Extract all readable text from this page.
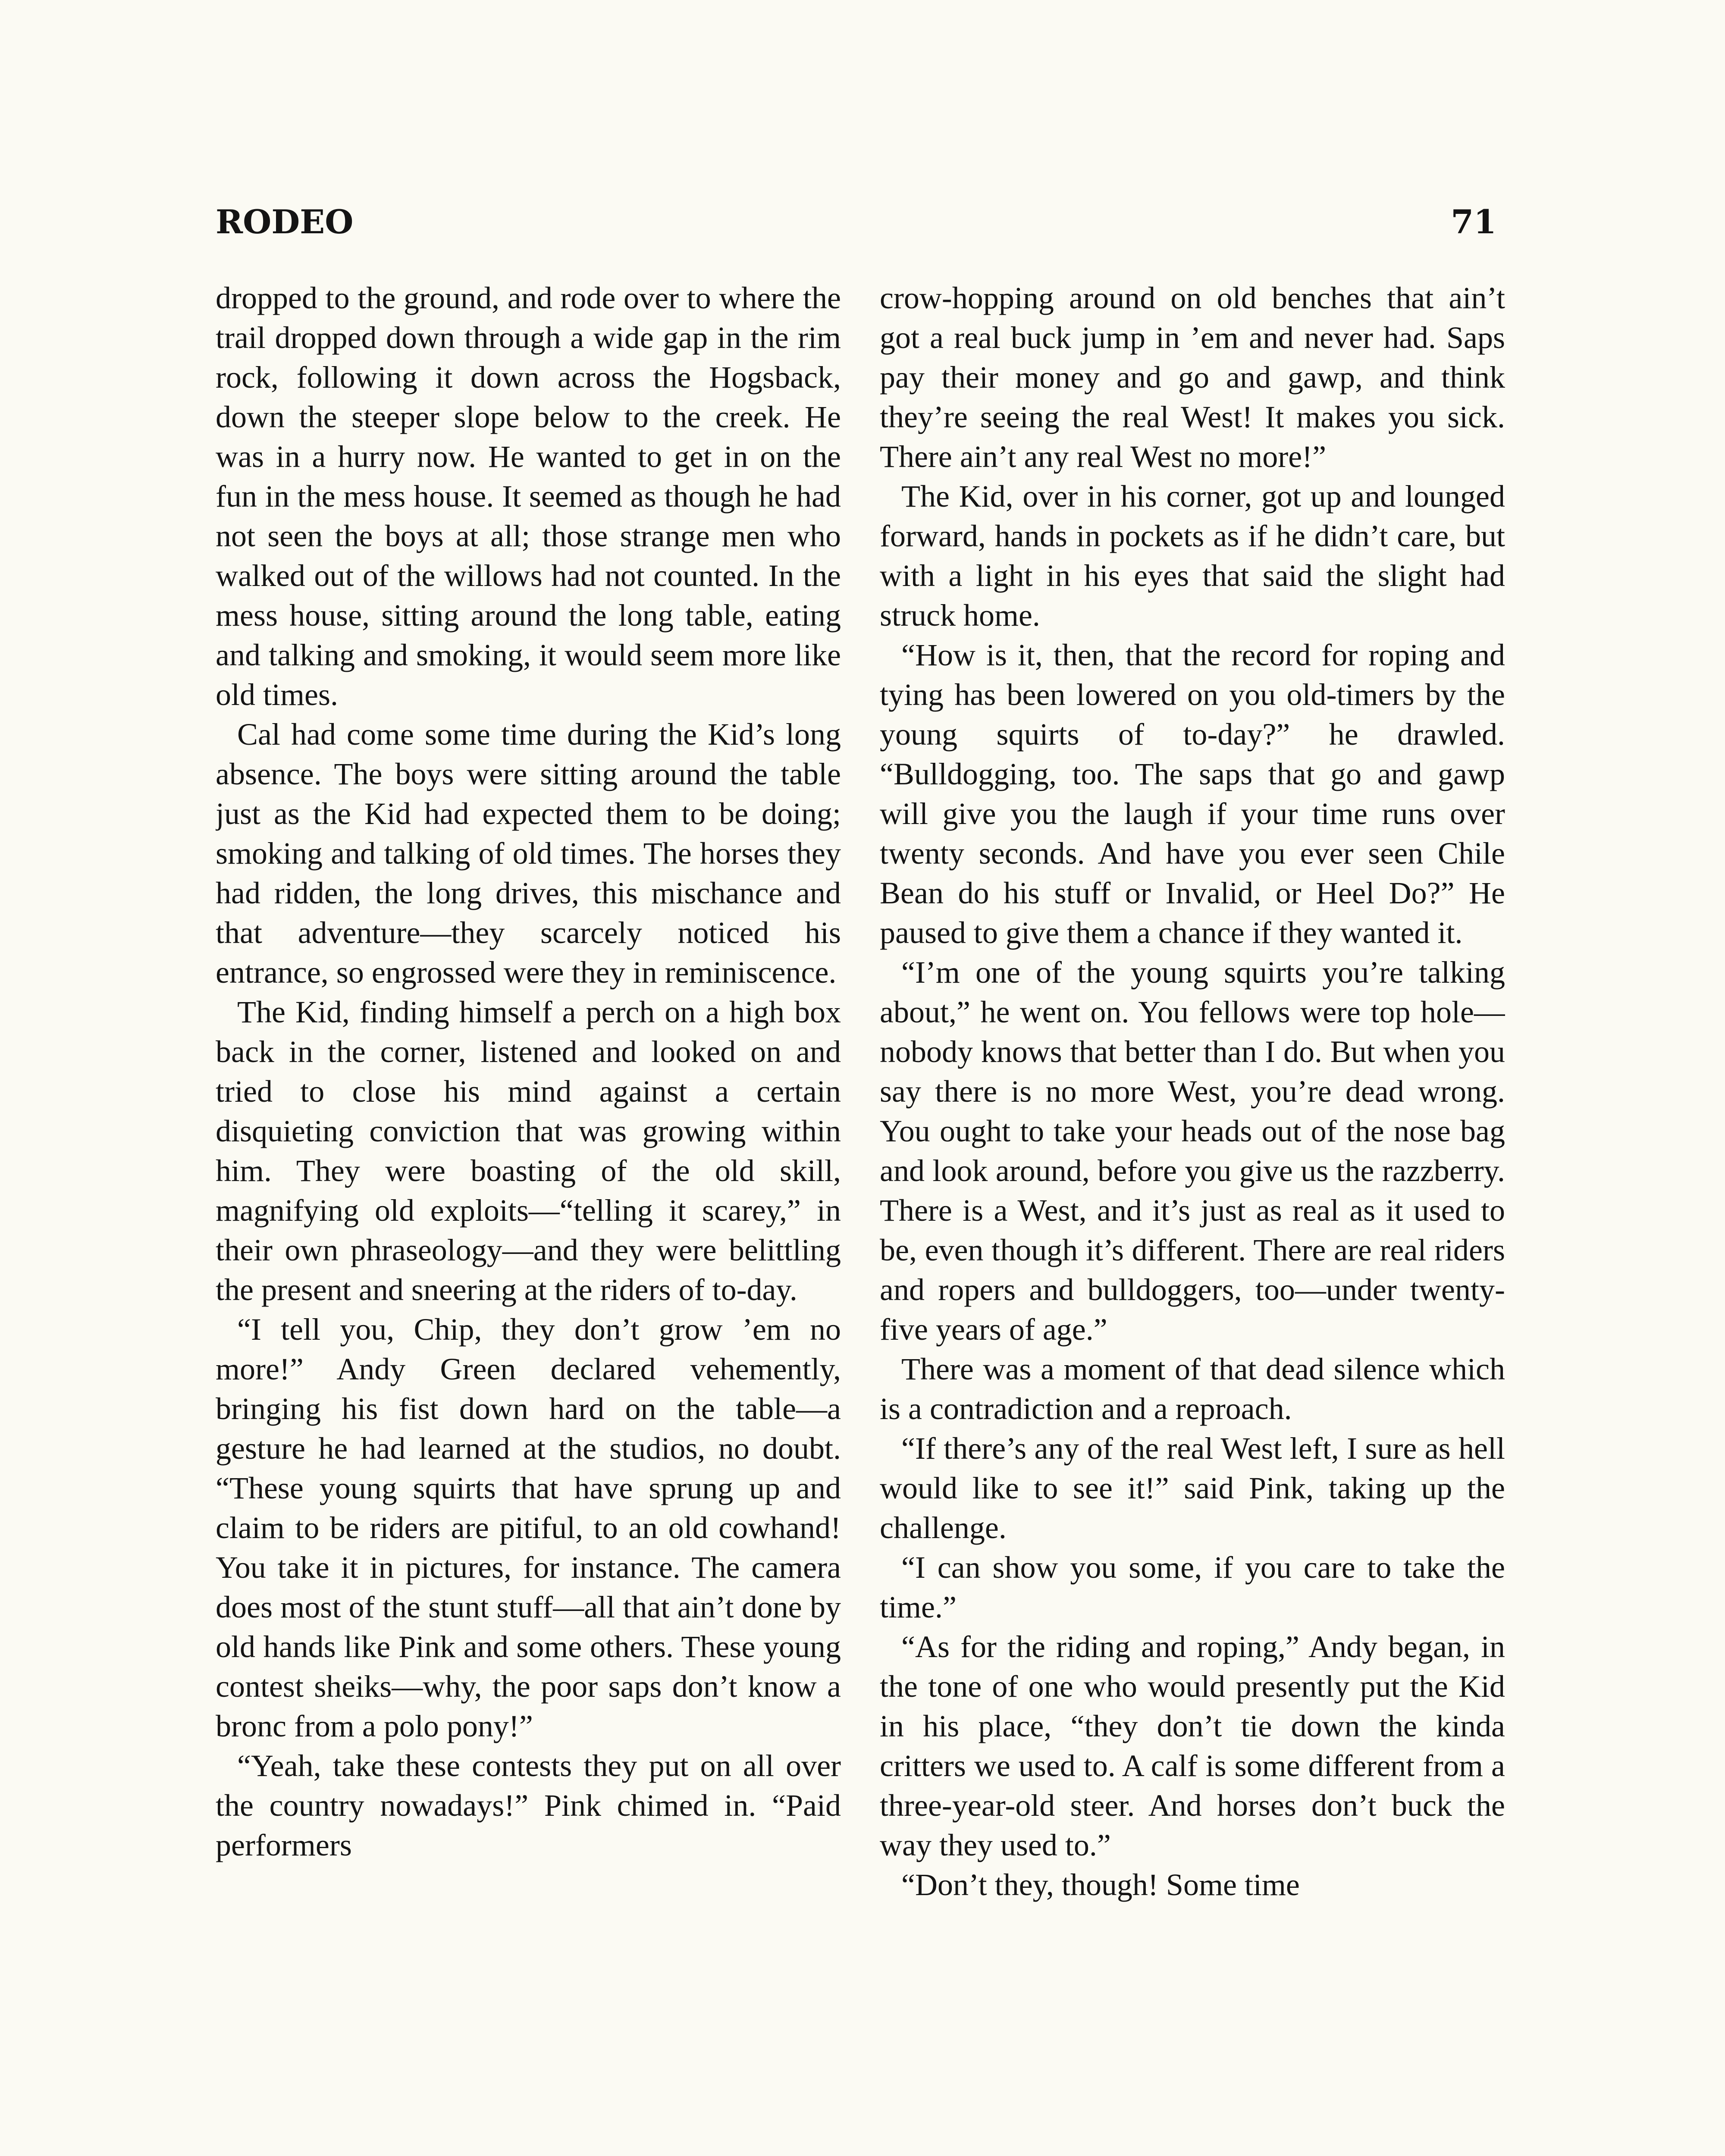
RODEO	71

dropped to the ground, and rode over to where the trail dropped down through a wide gap in the rim rock, following it down across the Hogsback, down the steeper slope below to the creek. He was in a hurry now. He wanted to get in on the fun in the mess house. It seemed as though he had not seen the boys at all; those strange men who walked out of the willows had not counted. In the mess house, sitting around the long table, eating and talking and smoking, it would seem more like old times.

Cal had come some time during the Kid’s long absence. The boys were sitting around the table just as the Kid had expected them to be doing; smoking and talking of old times. The horses they had ridden, the long drives, this mischance and that adventure—they scarcely noticed his entrance, so engrossed were they in reminiscence.

The Kid, finding himself a perch on a high box back in the corner, listened and looked on and tried to close his mind against a certain disquieting conviction that was growing within him. They were boasting of the old skill, magnifying old exploits—“telling it scarey,” in their own phraseology—and they were belittling the present and sneering at the riders of to-day.

“I tell you, Chip, they don’t grow ’em no more!” Andy Green declared vehemently, bringing his fist down hard on the table—a gesture he had learned at the studios, no doubt. “These young squirts that have sprung up and claim to be riders are pitiful, to an old cowhand! You take it in pictures, for instance. The camera does most of the stunt stuff—all that ain’t done by old hands like Pink and some others. These young contest sheiks—why, the poor saps don’t know a bronc from a polo pony!”

“Yeah, take these contests they put on all over the country nowadays!” Pink chimed in. “Paid performers

crow-hopping around on old benches that ain’t got a real buck jump in ’em and never had. Saps pay their money and go and gawp, and think they’re seeing the real West! It makes you sick. There ain’t any real West no more!”

The Kid, over in his corner, got up and lounged forward, hands in pockets as if he didn’t care, but with a light in his eyes that said the slight had struck home.

“How is it, then, that the record for roping and tying has been lowered on you old-timers by the young squirts of to-day?” he drawled. “Bulldogging, too. The saps that go and gawp will give you the laugh if your time runs over twenty seconds. And have you ever seen Chile Bean do his stuff or Invalid, or Heel Do?” He paused to give them a chance if they wanted it.

“I’m one of the young squirts you’re talking about,” he went on. You fellows were top hole—nobody knows that better than I do. But when you say there is no more West, you’re dead wrong. You ought to take your heads out of the nose bag and look around, before you give us the razzberry. There is a West, and it’s just as real as it used to be, even though it’s different. There are real riders and ropers and bulldoggers, too—under twenty-five years of age.”

There was a moment of that dead silence which is a contradiction and a reproach.

“If there’s any of the real West left, I sure as hell would like to see it!” said Pink, taking up the challenge.

“I can show you some, if you care to take the time.”

“As for the riding and roping,” Andy began, in the tone of one who would presently put the Kid in his place, “they don’t tie down the kinda critters we used to. A calf is some different from a three-year-old steer. And horses don’t buck the way they used to.”

“Don’t they, though! Some time
